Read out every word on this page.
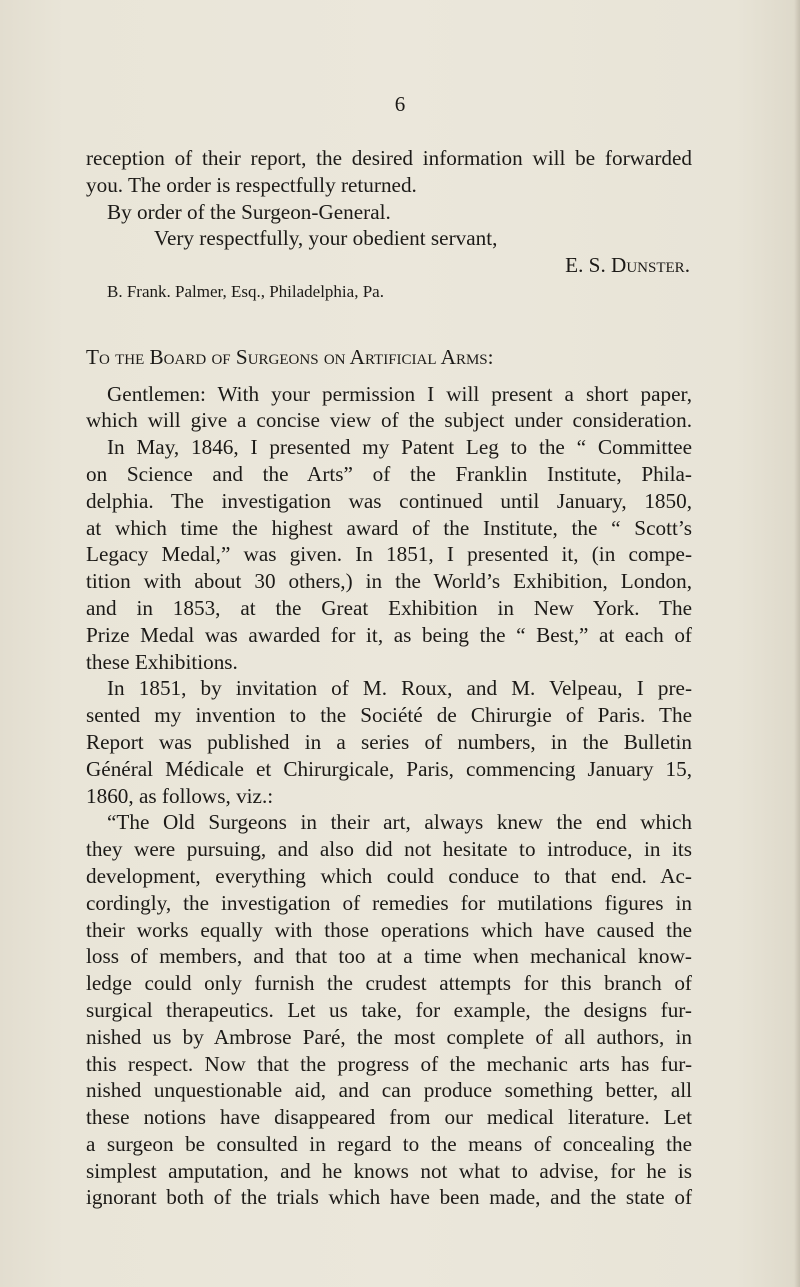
6
reception of their report, the desired information will be forwarded
you. The order is respectfully returned.
By order of the Surgeon-General.
Very respectfully, your obedient servant,
E. S. Dunster.
B. Frank. Palmer, Esq., Philadelphia, Pa.
To the Board of Surgeons on Artificial Arms:
Gentlemen: With your permission I will present a short paper,
which will give a concise view of the subject under consideration.
In May, 1846, I presented my Patent Leg to the “ Committee
on Science and the Arts” of the Franklin Institute, Phila-
delphia. The investigation was continued until January, 1850,
at which time the highest award of the Institute, the “ Scott’s
Legacy Medal,” was given. In 1851, I presented it, (in compe-
tition with about 30 others,) in the World’s Exhibition, London,
and in 1853, at the Great Exhibition in New York. The
Prize Medal was awarded for it, as being the “ Best,” at each of
these Exhibitions.
In 1851, by invitation of M. Roux, and M. Velpeau, I pre-
sented my invention to the Société de Chirurgie of Paris. The
Report was published in a series of numbers, in the Bulletin
Général Médicale et Chirurgicale, Paris, commencing January 15,
1860, as follows, viz.:
“The Old Surgeons in their art, always knew the end which
they were pursuing, and also did not hesitate to introduce, in its
development, everything which could conduce to that end. Ac-
cordingly, the investigation of remedies for mutilations figures in
their works equally with those operations which have caused the
loss of members, and that too at a time when mechanical know-
ledge could only furnish the crudest attempts for this branch of
surgical therapeutics. Let us take, for example, the designs fur-
nished us by Ambrose Paré, the most complete of all authors, in
this respect. Now that the progress of the mechanic arts has fur-
nished unquestionable aid, and can produce something better, all
these notions have disappeared from our medical literature. Let
a surgeon be consulted in regard to the means of concealing the
simplest amputation, and he knows not what to advise, for he is
ignorant both of the trials which have been made, and the state of
